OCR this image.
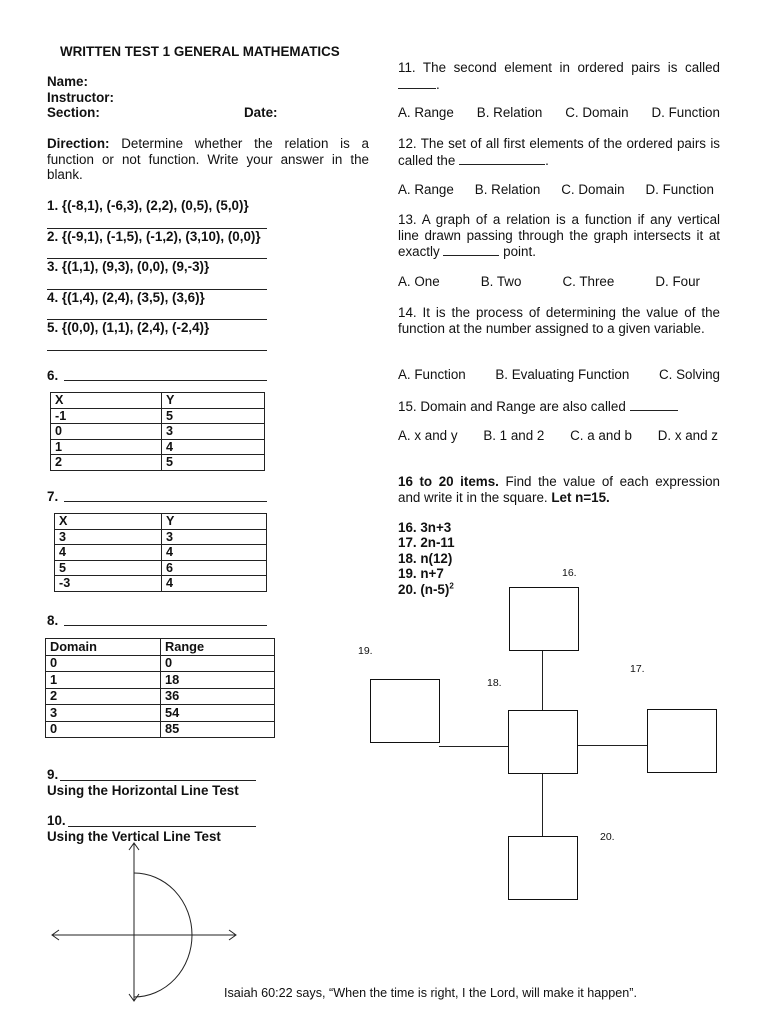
WRITTEN TEST 1 GENERAL MATHEMATICS
Name:
Instructor:
Section:	Date:
Direction: Determine whether the relation is a function or not function. Write your answer in the blank.
1. {(-8,1), (-6,3), (2,2), (0,5), (5,0)}
2. {(-9,1), (-1,5), (-1,2), (3,10), (0,0)}
3. {(1,1), (9,3), (0,0), (9,-3)}
4. {(1,4), (2,4), (3,5), (3,6)}
5. {(0,0), (1,1), (2,4), (-2,4)}
6.
X	Y
-1	5
0	3
1	4
2	5
7.
X	Y
3	3
4	4
5	6
-3	4
8.
Domain	Range
0	0
1	18
2	36
3	54
0	85
9.
Using the Horizontal Line Test
10.
Using the Vertical Line Test
11. The second element in ordered pairs is called .
A. Range B. Relation C. Domain D. Function
12. The set of all first elements of the ordered pairs is called the	.
A. Range B. Relation C. Domain D. Function
13. A graph of a relation is a function if any vertical line drawn passing through the graph intersects it at exactly	point.
A. One	B. Two	C. Three	D. Four
14. It is the process of determining the value of the function at the number assigned to a given variable.
A. Function B. Evaluating Function C. Solving
15. Domain and Range are also called
A. x and y B. 1 and 2 C. a and b D. x and z
16 to 20 items. Find the value of each expression and write it in the square. Let n=15.
16. 3n+3
17. 2n-11
18. n(12)
19. n+7
20. $(n-5)^2$
16.
17.
18.
19.
20.
Isaiah 60:22 says, “When the time is right, I the Lord, will make it happen”.
